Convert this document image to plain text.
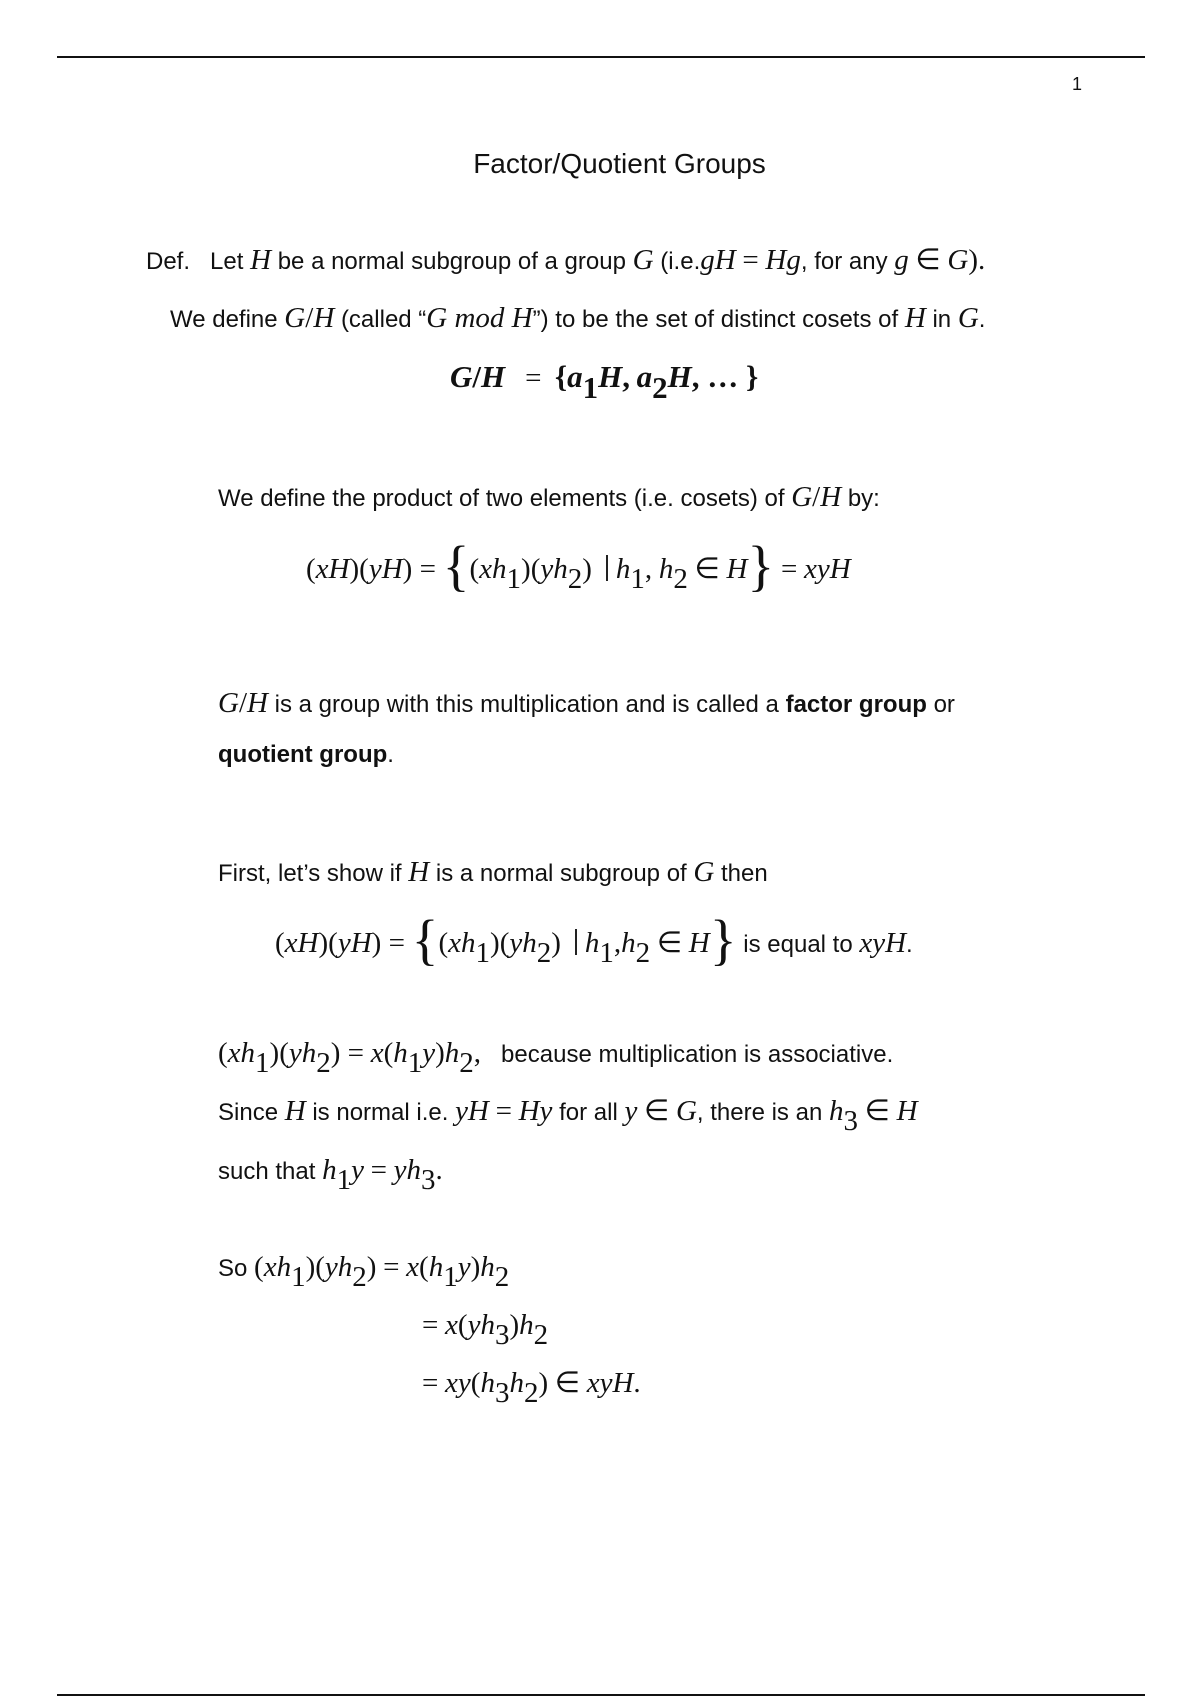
1
Factor/Quotient Groups
Def. Let H be a normal subgroup of a group G (i.e.gH = Hg, for any g ∈ G).
We define G/H (called “G mod H”) to be the set of distinct cosets of H in G.
$G/H = \{a_1H$, $a_2H$, … }
We define the product of two elements (i.e. cosets) of G/H by:
$(xH)(yH) = \{(xh_1)(yh_2)$ $h_1$, $h_2$ ∈ H} = xyH
G/H is a group with this multiplication and is called a factor group or
quotient group.
First, let’s show if H is a normal subgroup of G then
$(xH)(yH) = \{(xh_1)(yh_2)$ $h_1,h_2$ ∈ H} is equal to xyH.
$(xh_1)(yh_2) = x(h_1y)h_2$, because multiplication is associative.
Since H is normal i.e. yH = Hy for all y ∈ G, there is an $h_3$ ∈ H
such that $h_1y = yh_3$.
So $(xh_1)(yh_2) = x(h_1y)h_2$
= $x(yh_3)h_2$
= $xy(h_3h_2)$ ∈ xyH.
